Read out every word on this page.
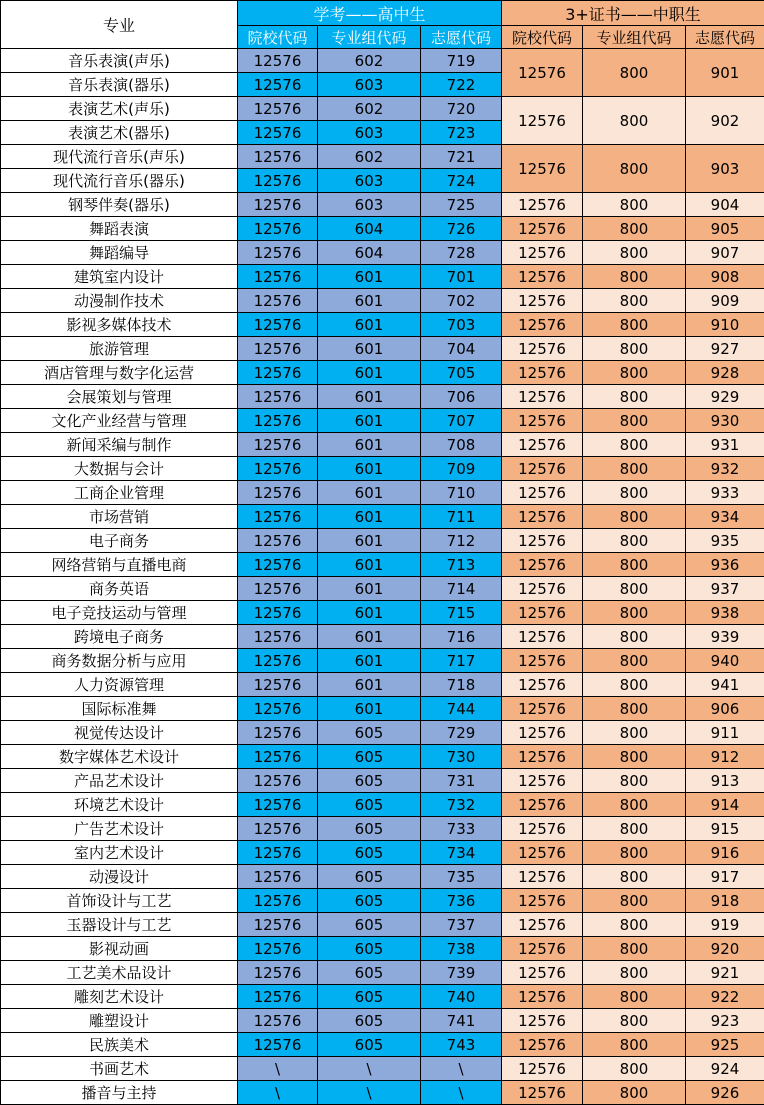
专业	学考——高中生			3+证书——中职生		
	院校代码	专业组代码	志愿代码	院校代码	专业组代码	志愿代码
音乐表演(声乐)	12576	602	719	12576	800	901
音乐表演(器乐)	12576	603	722			
表演艺术(声乐)	12576	602	720	12576	800	902
表演艺术(器乐)	12576	603	723			
现代流行音乐(声乐)	12576	602	721	12576	800	903
现代流行音乐(器乐)	12576	603	724			
钢琴伴奏(器乐)	12576	603	725	12576	800	904
舞蹈表演	12576	604	726	12576	800	905
舞蹈编导	12576	604	728	12576	800	907
建筑室内设计	12576	601	701	12576	800	908
动漫制作技术	12576	601	702	12576	800	909
影视多媒体技术	12576	601	703	12576	800	910
旅游管理	12576	601	704	12576	800	927
酒店管理与数字化运营	12576	601	705	12576	800	928
会展策划与管理	12576	601	706	12576	800	929
文化产业经营与管理	12576	601	707	12576	800	930
新闻采编与制作	12576	601	708	12576	800	931
大数据与会计	12576	601	709	12576	800	932
工商企业管理	12576	601	710	12576	800	933
市场营销	12576	601	711	12576	800	934
电子商务	12576	601	712	12576	800	935
网络营销与直播电商	12576	601	713	12576	800	936
商务英语	12576	601	714	12576	800	937
电子竞技运动与管理	12576	601	715	12576	800	938
跨境电子商务	12576	601	716	12576	800	939
商务数据分析与应用	12576	601	717	12576	800	940
人力资源管理	12576	601	718	12576	800	941
国际标准舞	12576	601	744	12576	800	906
视觉传达设计	12576	605	729	12576	800	911
数字媒体艺术设计	12576	605	730	12576	800	912
产品艺术设计	12576	605	731	12576	800	913
环境艺术设计	12576	605	732	12576	800	914
广告艺术设计	12576	605	733	12576	800	915
室内艺术设计	12576	605	734	12576	800	916
动漫设计	12576	605	735	12576	800	917
首饰设计与工艺	12576	605	736	12576	800	918
玉器设计与工艺	12576	605	737	12576	800	919
影视动画	12576	605	738	12576	800	920
工艺美术品设计	12576	605	739	12576	800	921
雕刻艺术设计	12576	605	740	12576	800	922
雕塑设计	12576	605	741	12576	800	923
民族美术	12576	605	743	12576	800	925
书画艺术	\	\	\	12576	800	924
播音与主持	\	\	\	12576	800	926
